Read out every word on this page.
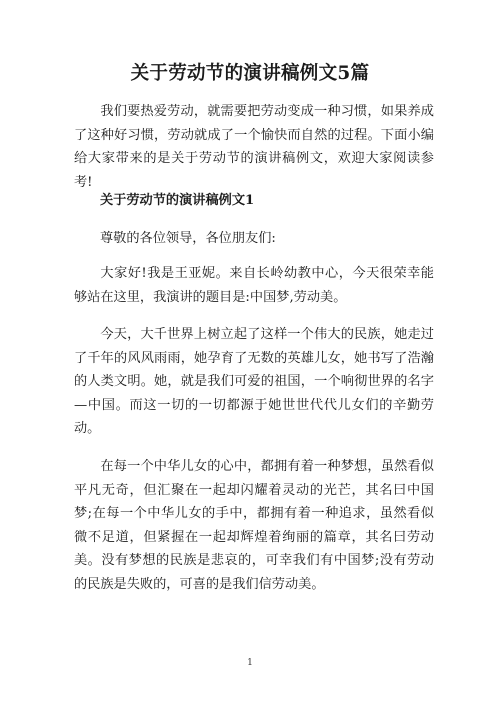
关于劳动节的演讲稿例文5篇

我们要热爱劳动，就需要把劳动变成一种习惯，如果养成了这种好习惯，劳动就成了一个愉快而自然的过程。下面小编给大家带来的是关于劳动节的演讲稿例文，欢迎大家阅读参考!

关于劳动节的演讲稿例文1
尊敬的各位领导，各位朋友们:

大家好!我是王亚妮。来自长岭幼教中心，今天很荣幸能够站在这里，我演讲的题目是:中国梦,劳动美。

今天，大千世界上树立起了这样一个伟大的民族，她走过了千年的风风雨雨，她孕育了无数的英雄儿女，她书写了浩瀚的人类文明。她，就是我们可爱的祖国，一个响彻世界的名字—中国。而这一切的一切都源于她世世代代儿女们的辛勤劳动。

在每一个中华儿女的心中，都拥有着一种梦想，虽然看似平凡无奇，但汇聚在一起却闪耀着灵动的光芒，其名曰中国梦;在每一个中华儿女的手中，都拥有着一种追求，虽然看似微不足道，但紧握在一起却辉煌着绚丽的篇章，其名曰劳动美。没有梦想的民族是悲哀的，可幸我们有中国梦;没有劳动的民族是失败的，可喜的是我们信劳动美。

1
